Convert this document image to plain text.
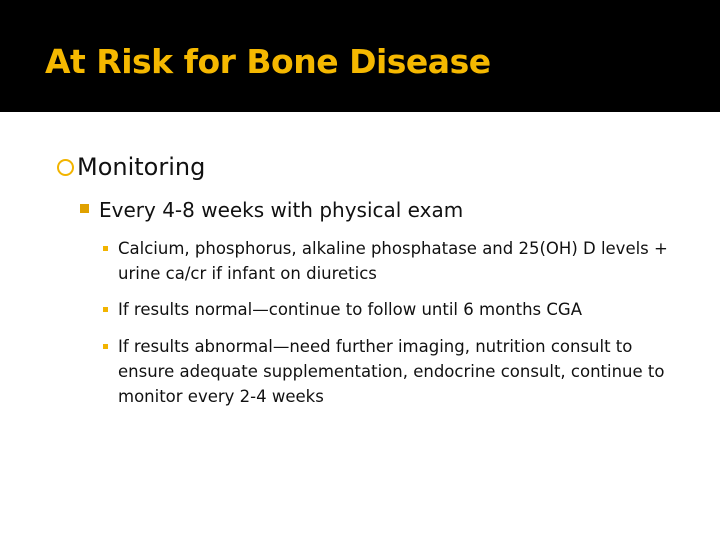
At Risk for Bone Disease
Monitoring
Every 4-8 weeks with physical exam
Calcium, phosphorus, alkaline phosphatase and 25(OH) D levels + urine ca/cr if infant on diuretics
If results normal—continue to follow until 6 months CGA
If results abnormal—need further imaging, nutrition consult to ensure adequate supplementation, endocrine consult, continue to monitor every 2-4 weeks
